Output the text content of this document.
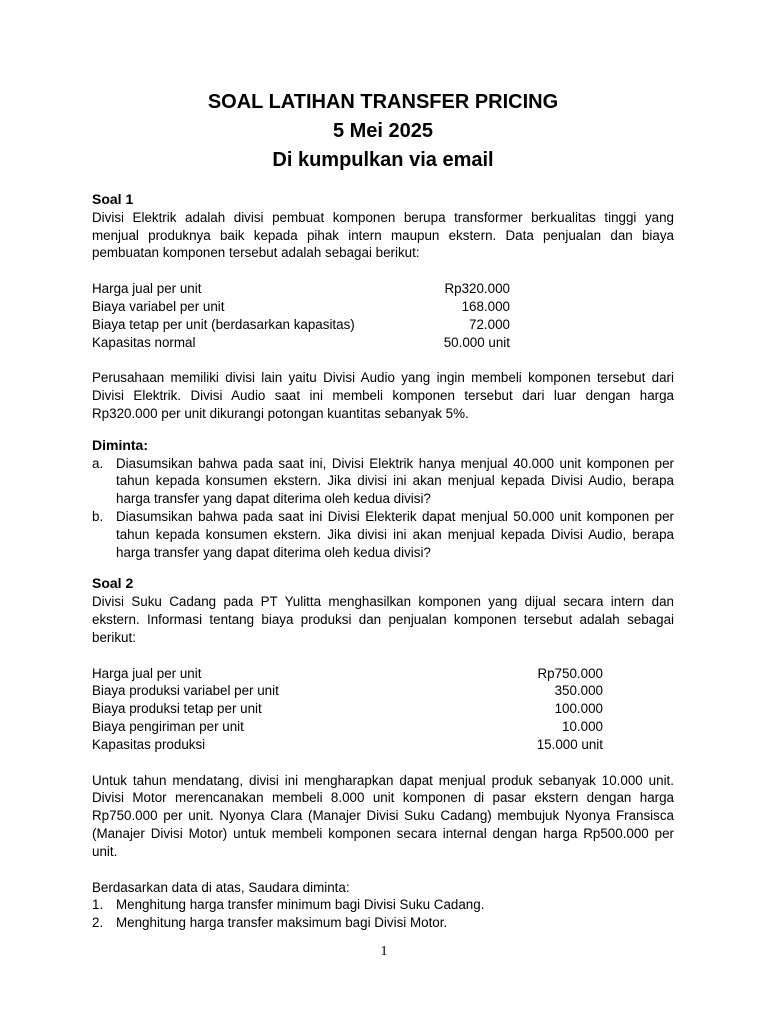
SOAL LATIHAN TRANSFER PRICING
5 Mei 2025
Di kumpulkan via email
Soal 1
Divisi Elektrik adalah divisi pembuat komponen berupa transformer berkualitas tinggi yang menjual produknya baik kepada pihak intern maupun ekstern. Data penjualan dan biaya pembuatan komponen tersebut adalah sebagai berikut:
Harga jual per unit	Rp320.000
Biaya variabel per unit	168.000
Biaya tetap per unit (berdasarkan kapasitas)	72.000
Kapasitas normal	50.000 unit
Perusahaan memiliki divisi lain yaitu Divisi Audio yang ingin membeli komponen tersebut dari Divisi Elektrik. Divisi Audio saat ini membeli komponen tersebut dari luar dengan harga Rp320.000 per unit dikurangi potongan kuantitas sebanyak 5%.
Diminta:
a. Diasumsikan bahwa pada saat ini, Divisi Elektrik hanya menjual 40.000 unit komponen per tahun kepada konsumen ekstern. Jika divisi ini akan menjual kepada Divisi Audio, berapa harga transfer yang dapat diterima oleh kedua divisi?
b. Diasumsikan bahwa pada saat ini Divisi Elekterik dapat menjual 50.000 unit komponen per tahun kepada konsumen ekstern. Jika divisi ini akan menjual kepada Divisi Audio, berapa harga transfer yang dapat diterima oleh kedua divisi?
Soal 2
Divisi Suku Cadang pada PT Yulitta menghasilkan komponen yang dijual secara intern dan ekstern. Informasi tentang biaya produksi dan penjualan komponen tersebut adalah sebagai berikut:
Harga jual per unit	Rp750.000
Biaya produksi variabel per unit	350.000
Biaya produksi tetap per unit	100.000
Biaya pengiriman per unit	10.000
Kapasitas produksi	15.000 unit
Untuk tahun mendatang, divisi ini mengharapkan dapat menjual produk sebanyak 10.000 unit. Divisi Motor merencanakan membeli 8.000 unit komponen di pasar ekstern dengan harga Rp750.000 per unit. Nyonya Clara (Manajer Divisi Suku Cadang) membujuk Nyonya Fransisca (Manajer Divisi Motor) untuk membeli komponen secara internal dengan harga Rp500.000 per unit.
Berdasarkan data di atas, Saudara diminta:
1. Menghitung harga transfer minimum bagi Divisi Suku Cadang.
2. Menghitung harga transfer maksimum bagi Divisi Motor.
1
